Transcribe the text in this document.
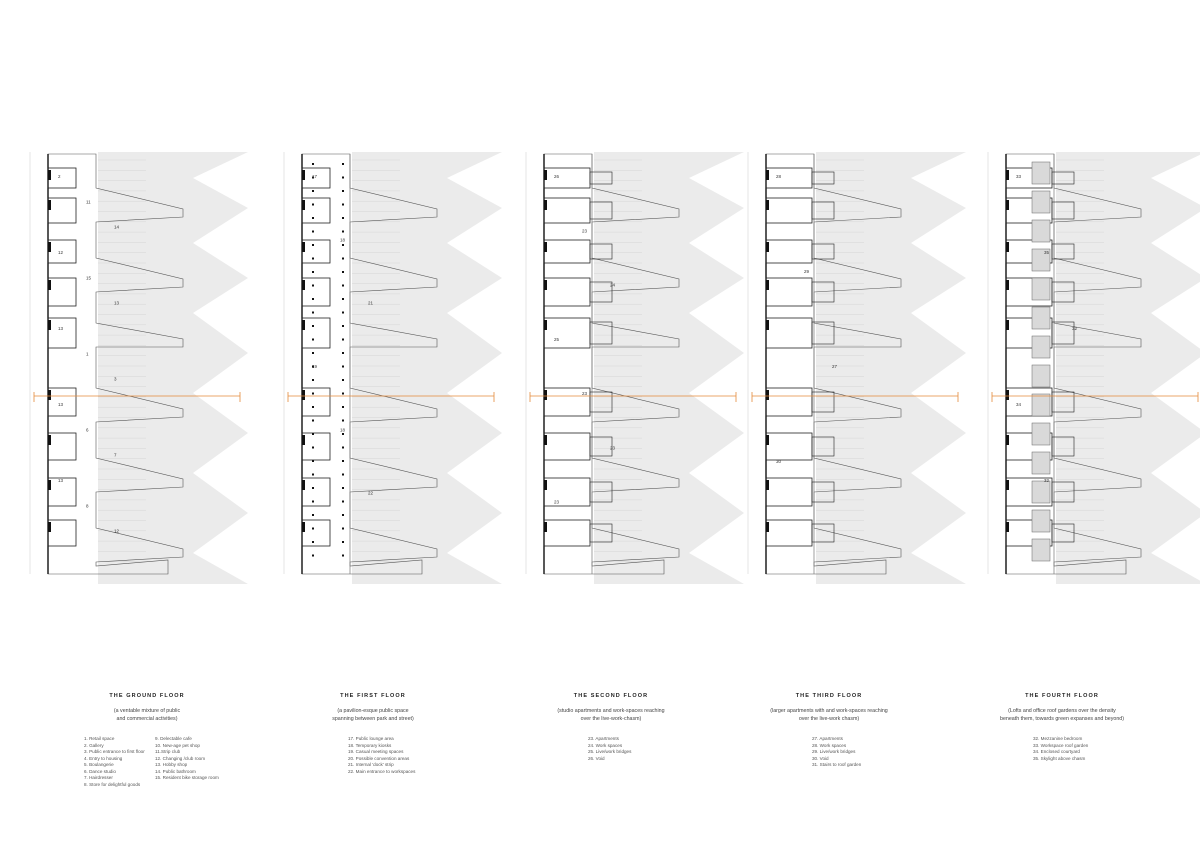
2
11
14
12
15
13
13
1
3
13
6
7
13
8
12
17
18
21
19
18
22
26
23
24
25
23
23
23
28
29
27
30
33
35
32
34
32
THE GROUND FLOOR
(a ventable mixture of public
and commercial activities)
THE FIRST FLOOR
(a pavilion-esque public space
spanning between park and street)
THE SECOND FLOOR
(studio apartments and work-spaces reaching
over the live-work-chasm)
THE THIRD FLOOR
(larger apartments with and work-spaces reaching
over the live-work chasm)
THE FOURTH FLOOR
(Lofts and office roof gardens over the density
beneath them, towards green expanses and beyond)
1. Retail space
2. Gallery
3. Public entrance to first floor
4. Entry to housing
5. Boulangerie
6. Dance studio
7. Hairdresser
8. Store for delightful goods
9. Delectable cafe
10. New-age pet shop
11.Strip club
12. Changing /club room
13. Hobby shop
14. Public bathroom
15. Resident bike storage room
17. Public lounge area
18. Temporary kiosks
19. Casual meeting spaces
20. Possible convention areas
21. Internal 'dock' strip
22. Main entrance to workspaces
23. Apartments
24. Work spaces
25. Live/work bridges
26. Void
27. Apartments
28. Work spaces
29. Live/work bridges
30. Void
31. Stairs to roof garden
32. Mezzanine bedroom
33. Workspace roof garden
34. Enclosed courtyard
35. Skylight above chasm
